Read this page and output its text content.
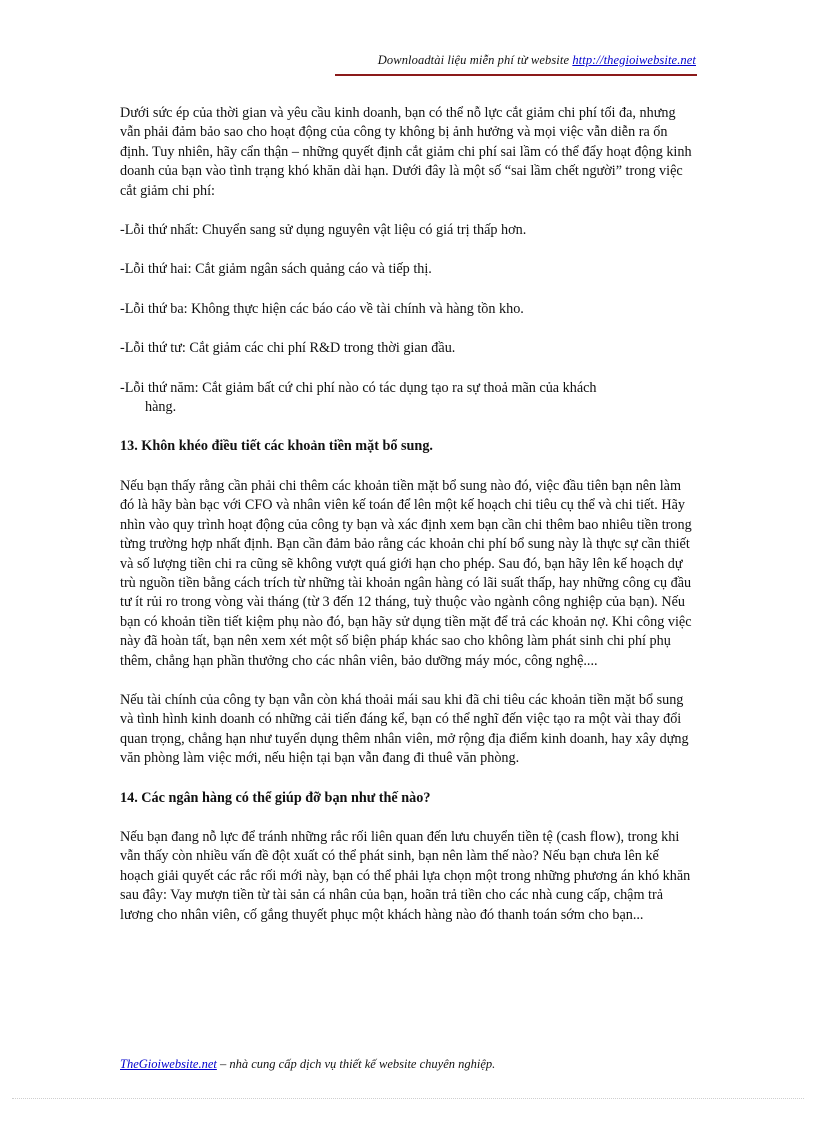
Downloadtài liệu miễn phí từ website http://thegioiwebsite.net

Dưới sức ép của thời gian và yêu cầu kinh doanh, bạn có thể nỗ lực cắt giảm chi phí tối đa, nhưng vẫn phải đảm bảo sao cho hoạt động của công ty không bị ảnh hưởng và mọi việc vẫn diễn ra ổn định. Tuy nhiên, hãy cẩn thận – những quyết định cắt giảm chi phí sai lầm có thể đẩy hoạt động kinh doanh của bạn vào tình trạng khó khăn dài hạn. Dưới đây là một số “sai lầm chết người” trong việc cắt giảm chi phí:

-Lỗi thứ nhất: Chuyển sang sử dụng nguyên vật liệu có giá trị thấp hơn.
-Lỗi thứ hai: Cắt giảm ngân sách quảng cáo và tiếp thị.
-Lỗi thứ ba: Không thực hiện các báo cáo về tài chính và hàng tồn kho.
-Lỗi thứ tư: Cắt giảm các chi phí R&D trong thời gian đầu.
-Lỗi thứ năm: Cắt giảm bất cứ chi phí nào có tác dụng tạo ra sự thoả mãn của khách
hàng.
13. Khôn khéo điều tiết các khoản tiền mặt bổ sung.

Nếu bạn thấy rằng cần phải chi thêm các khoản tiền mặt bổ sung nào đó, việc đầu tiên bạn nên làm đó là hãy bàn bạc với CFO và nhân viên kế toán để lên một kế hoạch chi tiêu cụ thể và chi tiết. Hãy nhìn vào quy trình hoạt động của công ty bạn và xác định xem bạn cần chi thêm bao nhiêu tiền trong từng trường hợp nhất định. Bạn cần đảm bảo rằng các khoản chi phí bổ sung này là thực sự cần thiết và số lượng tiền chi ra cũng sẽ không vượt quá giới hạn cho phép. Sau đó, bạn hãy lên kế hoạch dự trù nguồn tiền bằng cách trích từ những tài khoản ngân hàng có lãi suất thấp, hay những công cụ đầu tư ít rủi ro trong vòng vài tháng (từ 3 đến 12 tháng, tuỳ thuộc vào ngành công nghiệp của bạn). Nếu bạn có khoản tiền tiết kiệm phụ nào đó, bạn hãy sử dụng tiền mặt để trả các khoản nợ. Khi công việc này đã hoàn tất, bạn nên xem xét một số biện pháp khác sao cho không làm phát sinh chi phí phụ thêm, chẳng hạn phần thưởng cho các nhân viên, bảo dưỡng máy móc, công nghệ....

Nếu tài chính của công ty bạn vẫn còn khá thoải mái sau khi đã chi tiêu các khoản tiền mặt bổ sung và tình hình kinh doanh có những cải tiến đáng kể, bạn có thể nghĩ đến việc tạo ra một vài thay đổi quan trọng, chẳng hạn như tuyển dụng thêm nhân viên, mở rộng địa điểm kinh doanh, hay xây dựng văn phòng làm việc mới, nếu hiện tại bạn vẫn đang đi thuê văn phòng.

14. Các ngân hàng có thể giúp đỡ bạn như thế nào?

Nếu bạn đang nỗ lực để tránh những rắc rối liên quan đến lưu chuyển tiền tệ (cash flow), trong khi vẫn thấy còn nhiều vấn đề đột xuất có thể phát sinh, bạn nên làm thế nào? Nếu bạn chưa lên kế hoạch giải quyết các rắc rối mới này, bạn có thể phải lựa chọn một trong những phương án khó khăn sau đây: Vay mượn tiền từ tài sản cá nhân của bạn, hoãn trả tiền cho các nhà cung cấp, chậm trả lương cho nhân viên, cố gắng thuyết phục một khách hàng nào đó thanh toán sớm cho bạn...

TheGioiwebsite.net – nhà cung cấp dịch vụ thiết kế website chuyên nghiệp.
